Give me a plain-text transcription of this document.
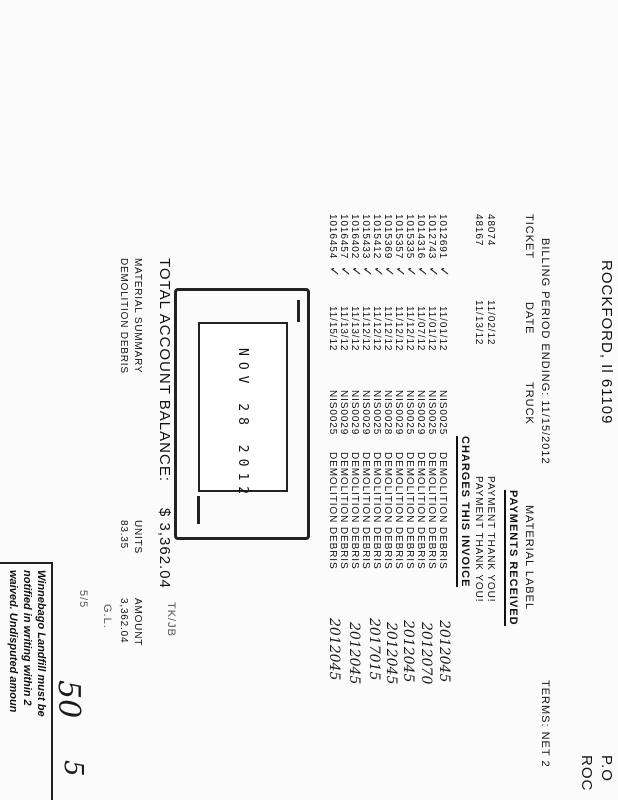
ROCKFORD, Il 61109
P.O
ROC
BILLING PERIOD ENDING: 11/15/2012
TERMS: NET 2
TICKET
DATE
TRUCK
MATERIAL LABEL
PAYMENTS RECEIVED
48074
11/02/12
PAYMENT THANK YOU!
48167
11/13/12
PAYMENT THANK YOU!
CHARGES THIS INVOICE
1012691
11/01/12
NIS0025
DEMOLITION DEBRIS
1012743
11/01/12
NIS0025
DEMOLITION DEBRIS
1014316
11/07/12
NIS0029
DEMOLITION DEBRIS
1015335
11/12/12
NIS0025
DEMOLITION DEBRIS
1015357
11/12/12
NIS0029
DEMOLITION DEBRIS
1015369
11/12/12
NIS0028
DEMOLITION DEBRIS
1015412
11/12/12
NIS0025
DEMOLITION DEBRIS
1015433
11/12/12
NIS0029
DEMOLITION DEBRIS
1016402
11/13/12
NIS0029
DEMOLITION DEBRIS
1016457
11/13/12
NIS0029
DEMOLITION DEBRIS
1016454
11/15/12
NIS0025
DEMOLITION DEBRIS
✓
✓
✓
✓
✓
✓
✓
✓
✓
✓
✓
2012045
2012070
2012045
2012045
2017015
2012045
2012045
NOV 28 2012
TOTAL ACCOUNT BALANCE:
$ 3,362.04
MATERIAL SUMMARY
UNITS
AMOUNT
DEMOLITION DEBRIS
83.35
3,362.04
Winnebago Landfill must be
notified in writing within 2
waived. Undisputed amoun	5/5
G.L.	TK/JB
50
5
